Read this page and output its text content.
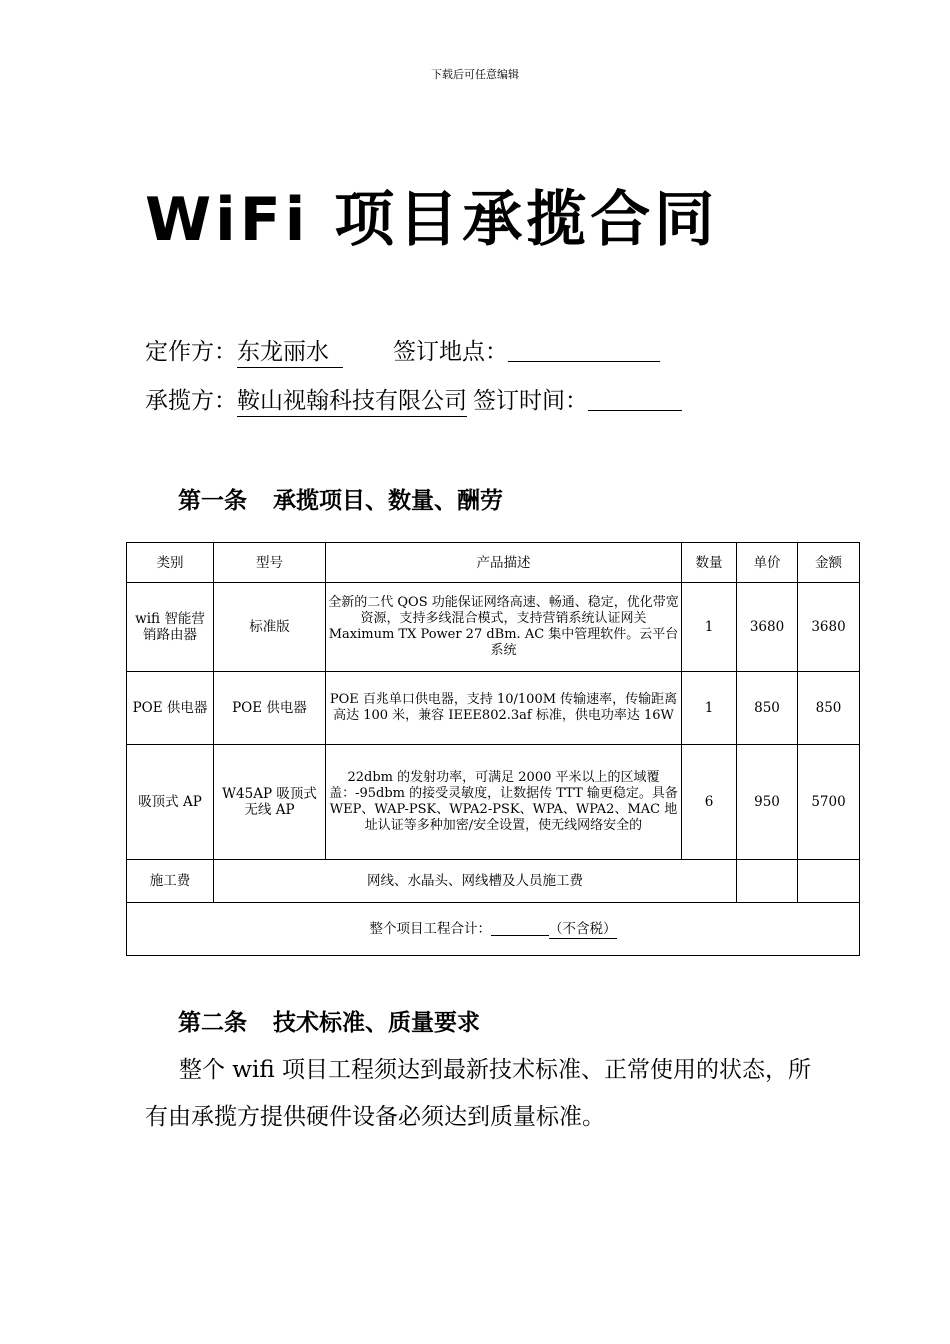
下载后可任意编辑
WiFi 项目承揽合同
定作方：东龙丽水	签订地点：
承揽方：鞍山视翰科技有限公司 签订时间：
第一条 承揽项目、数量、酬劳
类别	型号	产品描述	数量	单价	金额
wifi 智能营销路由器	标准版	全新的二代 QOS 功能保证网络高速、畅通、稳定，优化带宽资源，支持多线混合模式，支持营销系统认证网关 Maximum TX Power 27 dBm. AC 集中管理软件。云平台系统	1	3680	3680
POE 供电器	POE 供电器	POE 百兆单口供电器，支持 10/100M 传输速率，传输距离高达 100 米，兼容 IEEE802.3af 标准，供电功率达 16W	1	850	850
吸顶式 AP	W45AP 吸顶式无线 AP	22dbm 的发射功率，可满足 2000 平米以上的区域覆盖：-95dbm 的接受灵敏度，让数据传 TTT 输更稳定。具备 WEP、WAP-PSK、WPA2-PSK、WPA、WPA2、MAC 地址认证等多种加密/安全设置，使无线网络安全的	6	950	5700
施工费	网线、水晶头、网线槽及人员施工费				
整个项目工程合计： （不含税）					
第二条 技术标准、质量要求
整个 wifi 项目工程须达到最新技术标准、正常使用的状态，所有由承揽方提供硬件设备必须达到质量标准。
